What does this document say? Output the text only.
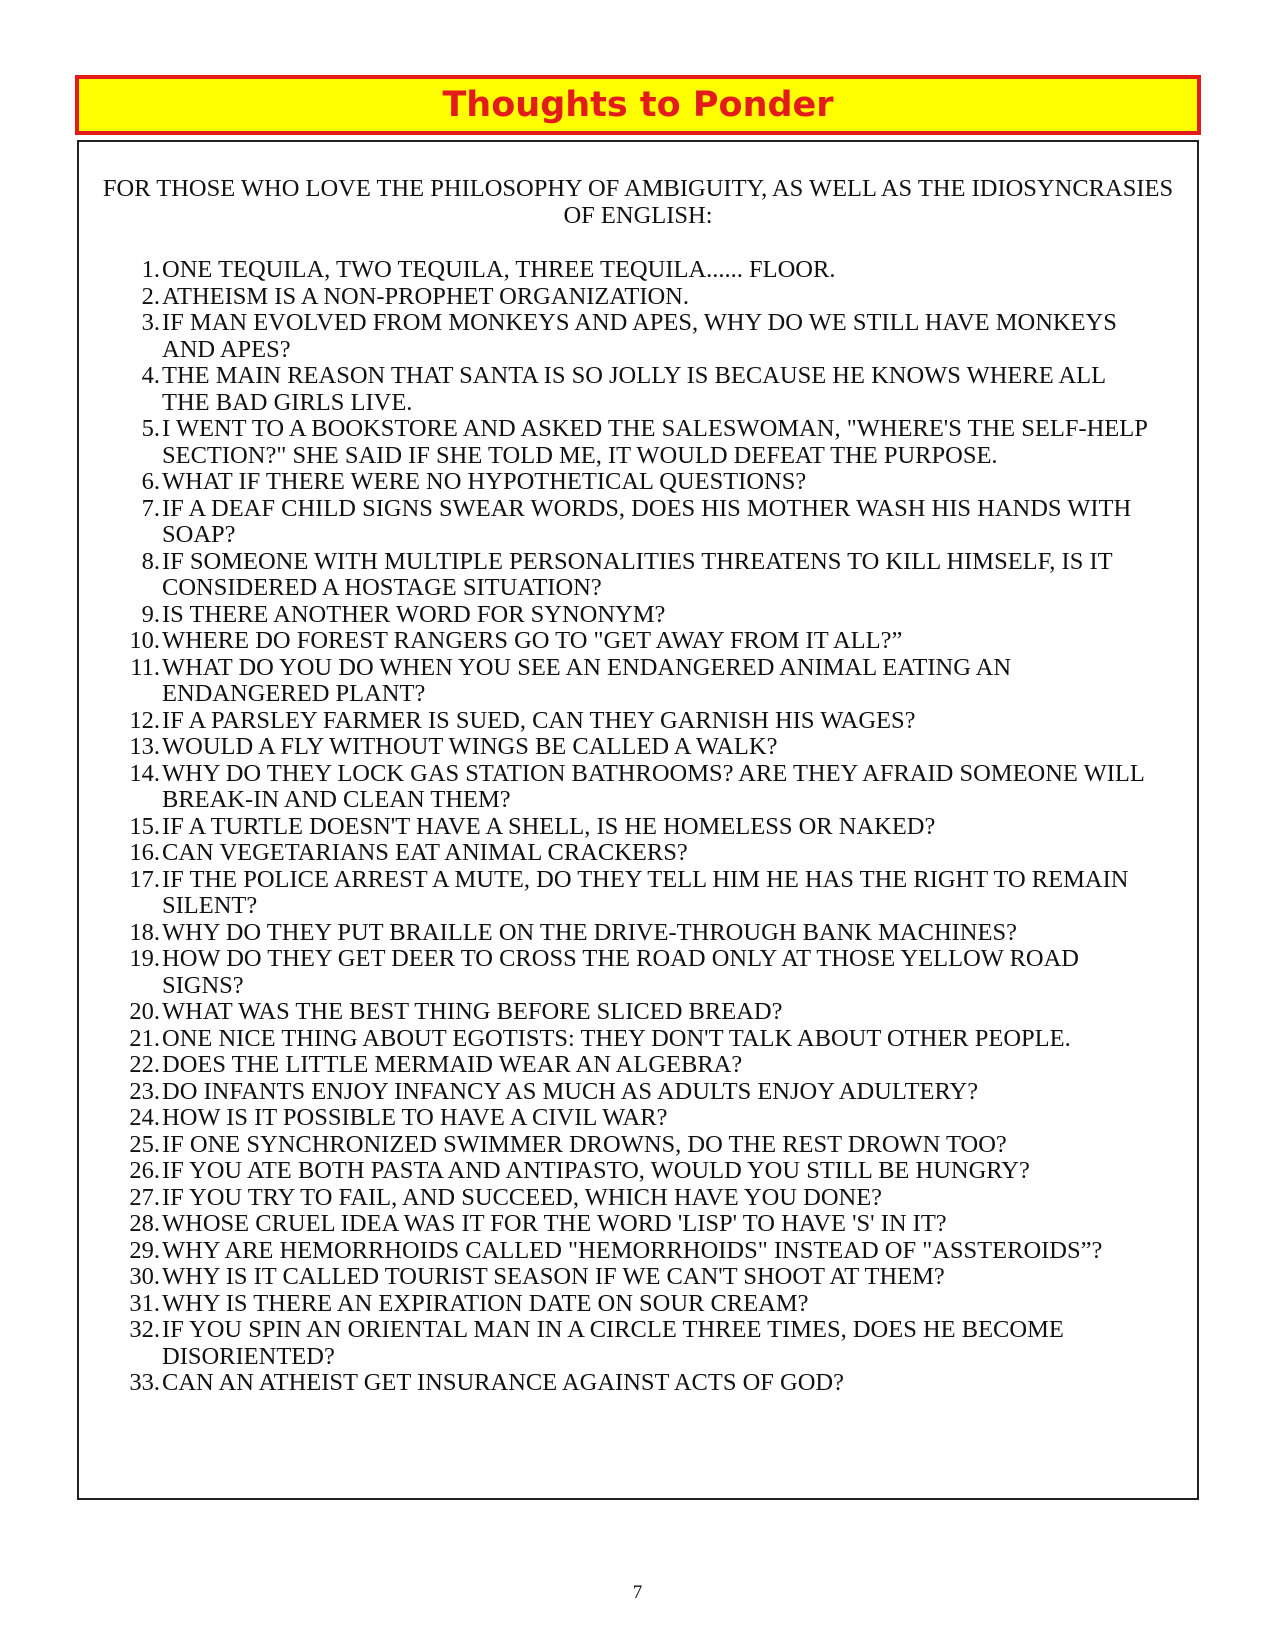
Thoughts to Ponder
FOR THOSE WHO LOVE THE PHILOSOPHY OF AMBIGUITY, AS WELL AS THE IDIOSYNCRASIES OF ENGLISH:
1. ONE TEQUILA, TWO TEQUILA, THREE TEQUILA...... FLOOR.
2. ATHEISM IS A NON-PROPHET ORGANIZATION.
3. IF MAN EVOLVED FROM MONKEYS AND APES, WHY DO WE STILL HAVE MONKEYS AND APES?
4. THE MAIN REASON THAT SANTA IS SO JOLLY IS BECAUSE HE KNOWS WHERE ALL THE BAD GIRLS LIVE.
5. I WENT TO A BOOKSTORE AND ASKED THE SALESWOMAN, "WHERE'S THE SELF-HELP SECTION?" SHE SAID IF SHE TOLD ME, IT WOULD DEFEAT THE PURPOSE.
6. WHAT IF THERE WERE NO HYPOTHETICAL QUESTIONS?
7. IF A DEAF CHILD SIGNS SWEAR WORDS, DOES HIS MOTHER WASH HIS HANDS WITH SOAP?
8. IF SOMEONE WITH MULTIPLE PERSONALITIES THREATENS TO KILL HIMSELF, IS IT CONSIDERED A HOSTAGE SITUATION?
9. IS THERE ANOTHER WORD FOR SYNONYM?
10. WHERE DO FOREST RANGERS GO TO "GET AWAY FROM IT ALL?”
11. WHAT DO YOU DO WHEN YOU SEE AN ENDANGERED ANIMAL EATING AN ENDANGERED PLANT?
12. IF A PARSLEY FARMER IS SUED, CAN THEY GARNISH HIS WAGES?
13. WOULD A FLY WITHOUT WINGS BE CALLED A WALK?
14. WHY DO THEY LOCK GAS STATION BATHROOMS? ARE THEY AFRAID SOMEONE WILL BREAK-IN AND CLEAN THEM?
15. IF A TURTLE DOESN'T HAVE A SHELL, IS HE HOMELESS OR NAKED?
16. CAN VEGETARIANS EAT ANIMAL CRACKERS?
17. IF THE POLICE ARREST A MUTE, DO THEY TELL HIM HE HAS THE RIGHT TO REMAIN SILENT?
18. WHY DO THEY PUT BRAILLE ON THE DRIVE-THROUGH BANK MACHINES?
19. HOW DO THEY GET DEER TO CROSS THE ROAD ONLY AT THOSE YELLOW ROAD SIGNS?
20. WHAT WAS THE BEST THING BEFORE SLICED BREAD?
21. ONE NICE THING ABOUT EGOTISTS: THEY DON'T TALK ABOUT OTHER PEOPLE.
22. DOES THE LITTLE MERMAID WEAR AN ALGEBRA?
23. DO INFANTS ENJOY INFANCY AS MUCH AS ADULTS ENJOY ADULTERY?
24. HOW IS IT POSSIBLE TO HAVE A CIVIL WAR?
25. IF ONE SYNCHRONIZED SWIMMER DROWNS, DO THE REST DROWN TOO?
26. IF YOU ATE BOTH PASTA AND ANTIPASTO, WOULD YOU STILL BE HUNGRY?
27. IF YOU TRY TO FAIL, AND SUCCEED, WHICH HAVE YOU DONE?
28. WHOSE CRUEL IDEA WAS IT FOR THE WORD 'LISP' TO HAVE 'S' IN IT?
29. WHY ARE HEMORRHOIDS CALLED "HEMORRHOIDS" INSTEAD OF "ASSTEROIDS”?
30. WHY IS IT CALLED TOURIST SEASON IF WE CAN'T SHOOT AT THEM?
31. WHY IS THERE AN EXPIRATION DATE ON SOUR CREAM?
32. IF YOU SPIN AN ORIENTAL MAN IN A CIRCLE THREE TIMES, DOES HE BECOME DISORIENTED?
33. CAN AN ATHEIST GET INSURANCE AGAINST ACTS OF GOD?
7
